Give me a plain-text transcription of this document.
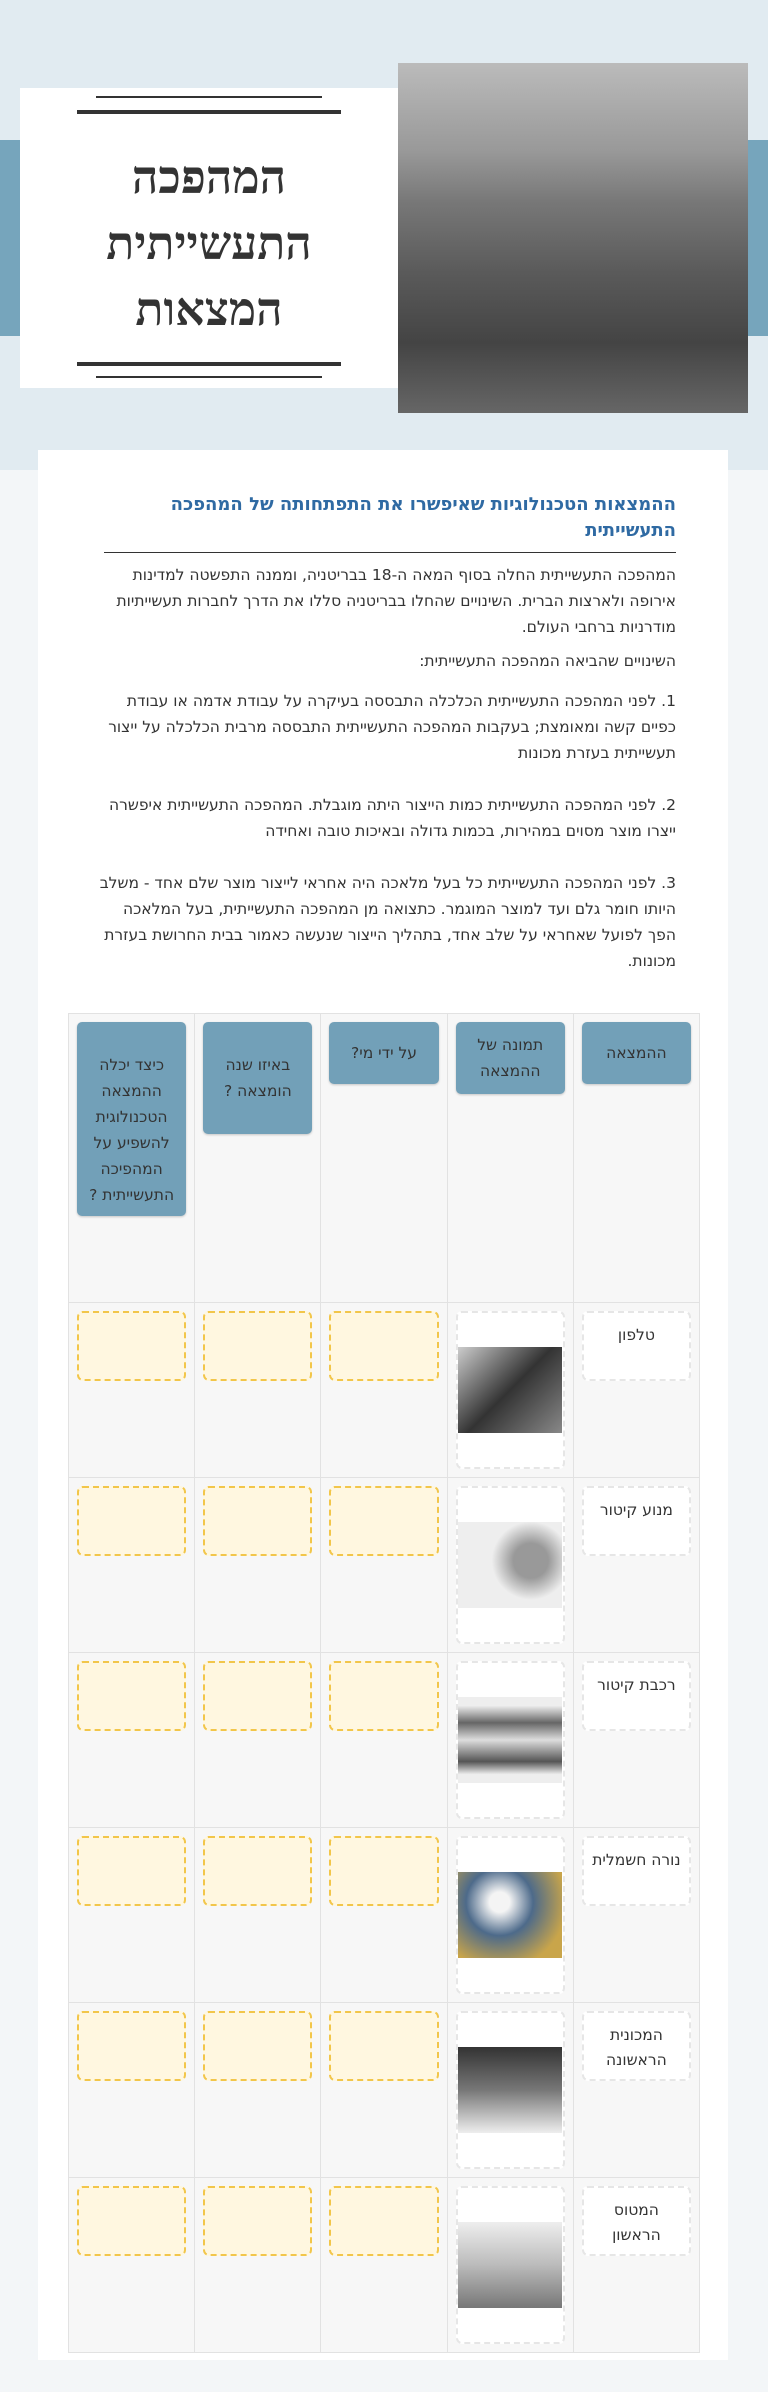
המהפכה
התעשייתית
המצאות
ההמצאות הטכנולוגיות שאיפשרו את התפתחותה של המהפכה התעשייתית

המהפכה התעשייתית החלה בסוף המאה ה-18 בבריטניה, וממנה התפשטה למדינות אירופה ולארצות הברית. השינויים שהחלו בבריטניה סללו את הדרך לחברות תעשייתיות מודרניות ברחבי העולם.

השינויים שהביאה המהפכה התעשייתית:

1. לפני המהפכה התעשייתית הכלכלה התבססה בעיקרה על עבודת אדמה או עבודת כפיים קשה ומאומצת; בעקבות המהפכה התעשייתית התבססה מרבית הכלכלה על ייצור תעשייתית בעזרת מכונות

2. לפני המהפכה התעשייתית כמות הייצור היתה מוגבלת. המהפכה התעשייתית איפשרה ייצרו מוצר מסוים במהירות, בכמות גדולה ובאיכות טובה ואחידה

3. לפני המהפכה התעשייתית כל בעל מלאכה היה אחראי לייצור מוצר שלם אחד - משלב היותו חומר גלם ועד למוצר המוגמר. כתצואה מן המהפכה התעשייתית, בעל המלאכה הפך לפועל שאחראי על שלב אחד, בתהליך הייצור שנעשה כאמור בבית החרושת בעזרת מכונות.

ההמצאה	תמונה של ההמצאה	על ידי מי?	באיזו שנה הומצאה ?	כיצד יכלה ההמצאה הטכנולוגית להשפיע על המהפיכה התעשייתית ?

טלפון				

מנוע קיטור				

רכבת קיטור				

נורה חשמלית				

המכונית הראשונה				

המטוס הראשון				
